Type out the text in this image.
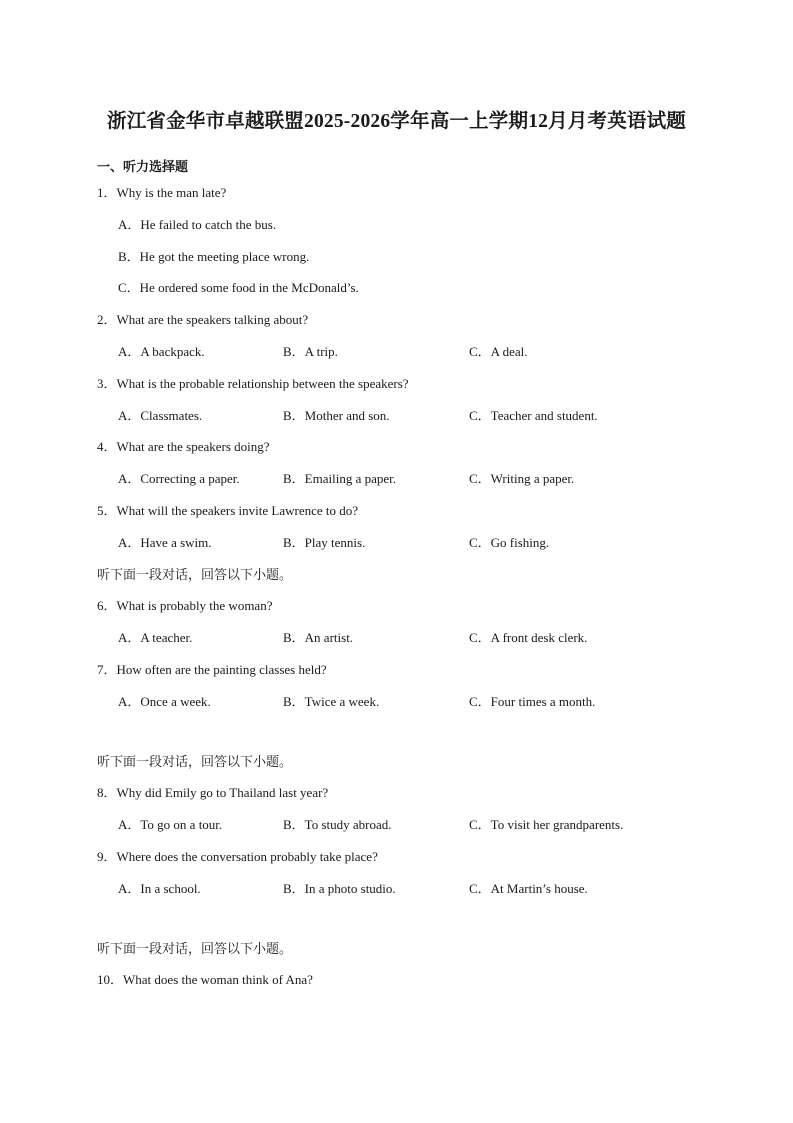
浙江省金华市卓越联盟2025-2026学年高一上学期12月月考英语试题
一、听力选择题
1．Why is the man late?
A．He failed to catch the bus.
B．He got the meeting place wrong.
C．He ordered some food in the McDonald’s.
2．What are the speakers talking about?
A．A backpack.	B．A trip.	C．A deal.
3．What is the probable relationship between the speakers?
A．Classmates.	B．Mother and son.	C．Teacher and student.
4．What are the speakers doing?
A．Correcting a paper.	B．Emailing a paper.	C．Writing a paper.
5．What will the speakers invite Lawrence to do?
A．Have a swim.	B．Play tennis.	C．Go fishing.
听下面一段对话，回答以下小题。
6．What is probably the woman?
A．A teacher.	B．An artist.	C．A front desk clerk.
7．How often are the painting classes held?
A．Once a week.	B．Twice a week.	C．Four times a month.
听下面一段对话，回答以下小题。
8．Why did Emily go to Thailand last year?
A．To go on a tour.	B．To study abroad.	C．To visit her grandparents.
9．Where does the conversation probably take place?
A．In a school.	B．In a photo studio.	C．At Martin’s house.
听下面一段对话，回答以下小题。
10．What does the woman think of Ana?
